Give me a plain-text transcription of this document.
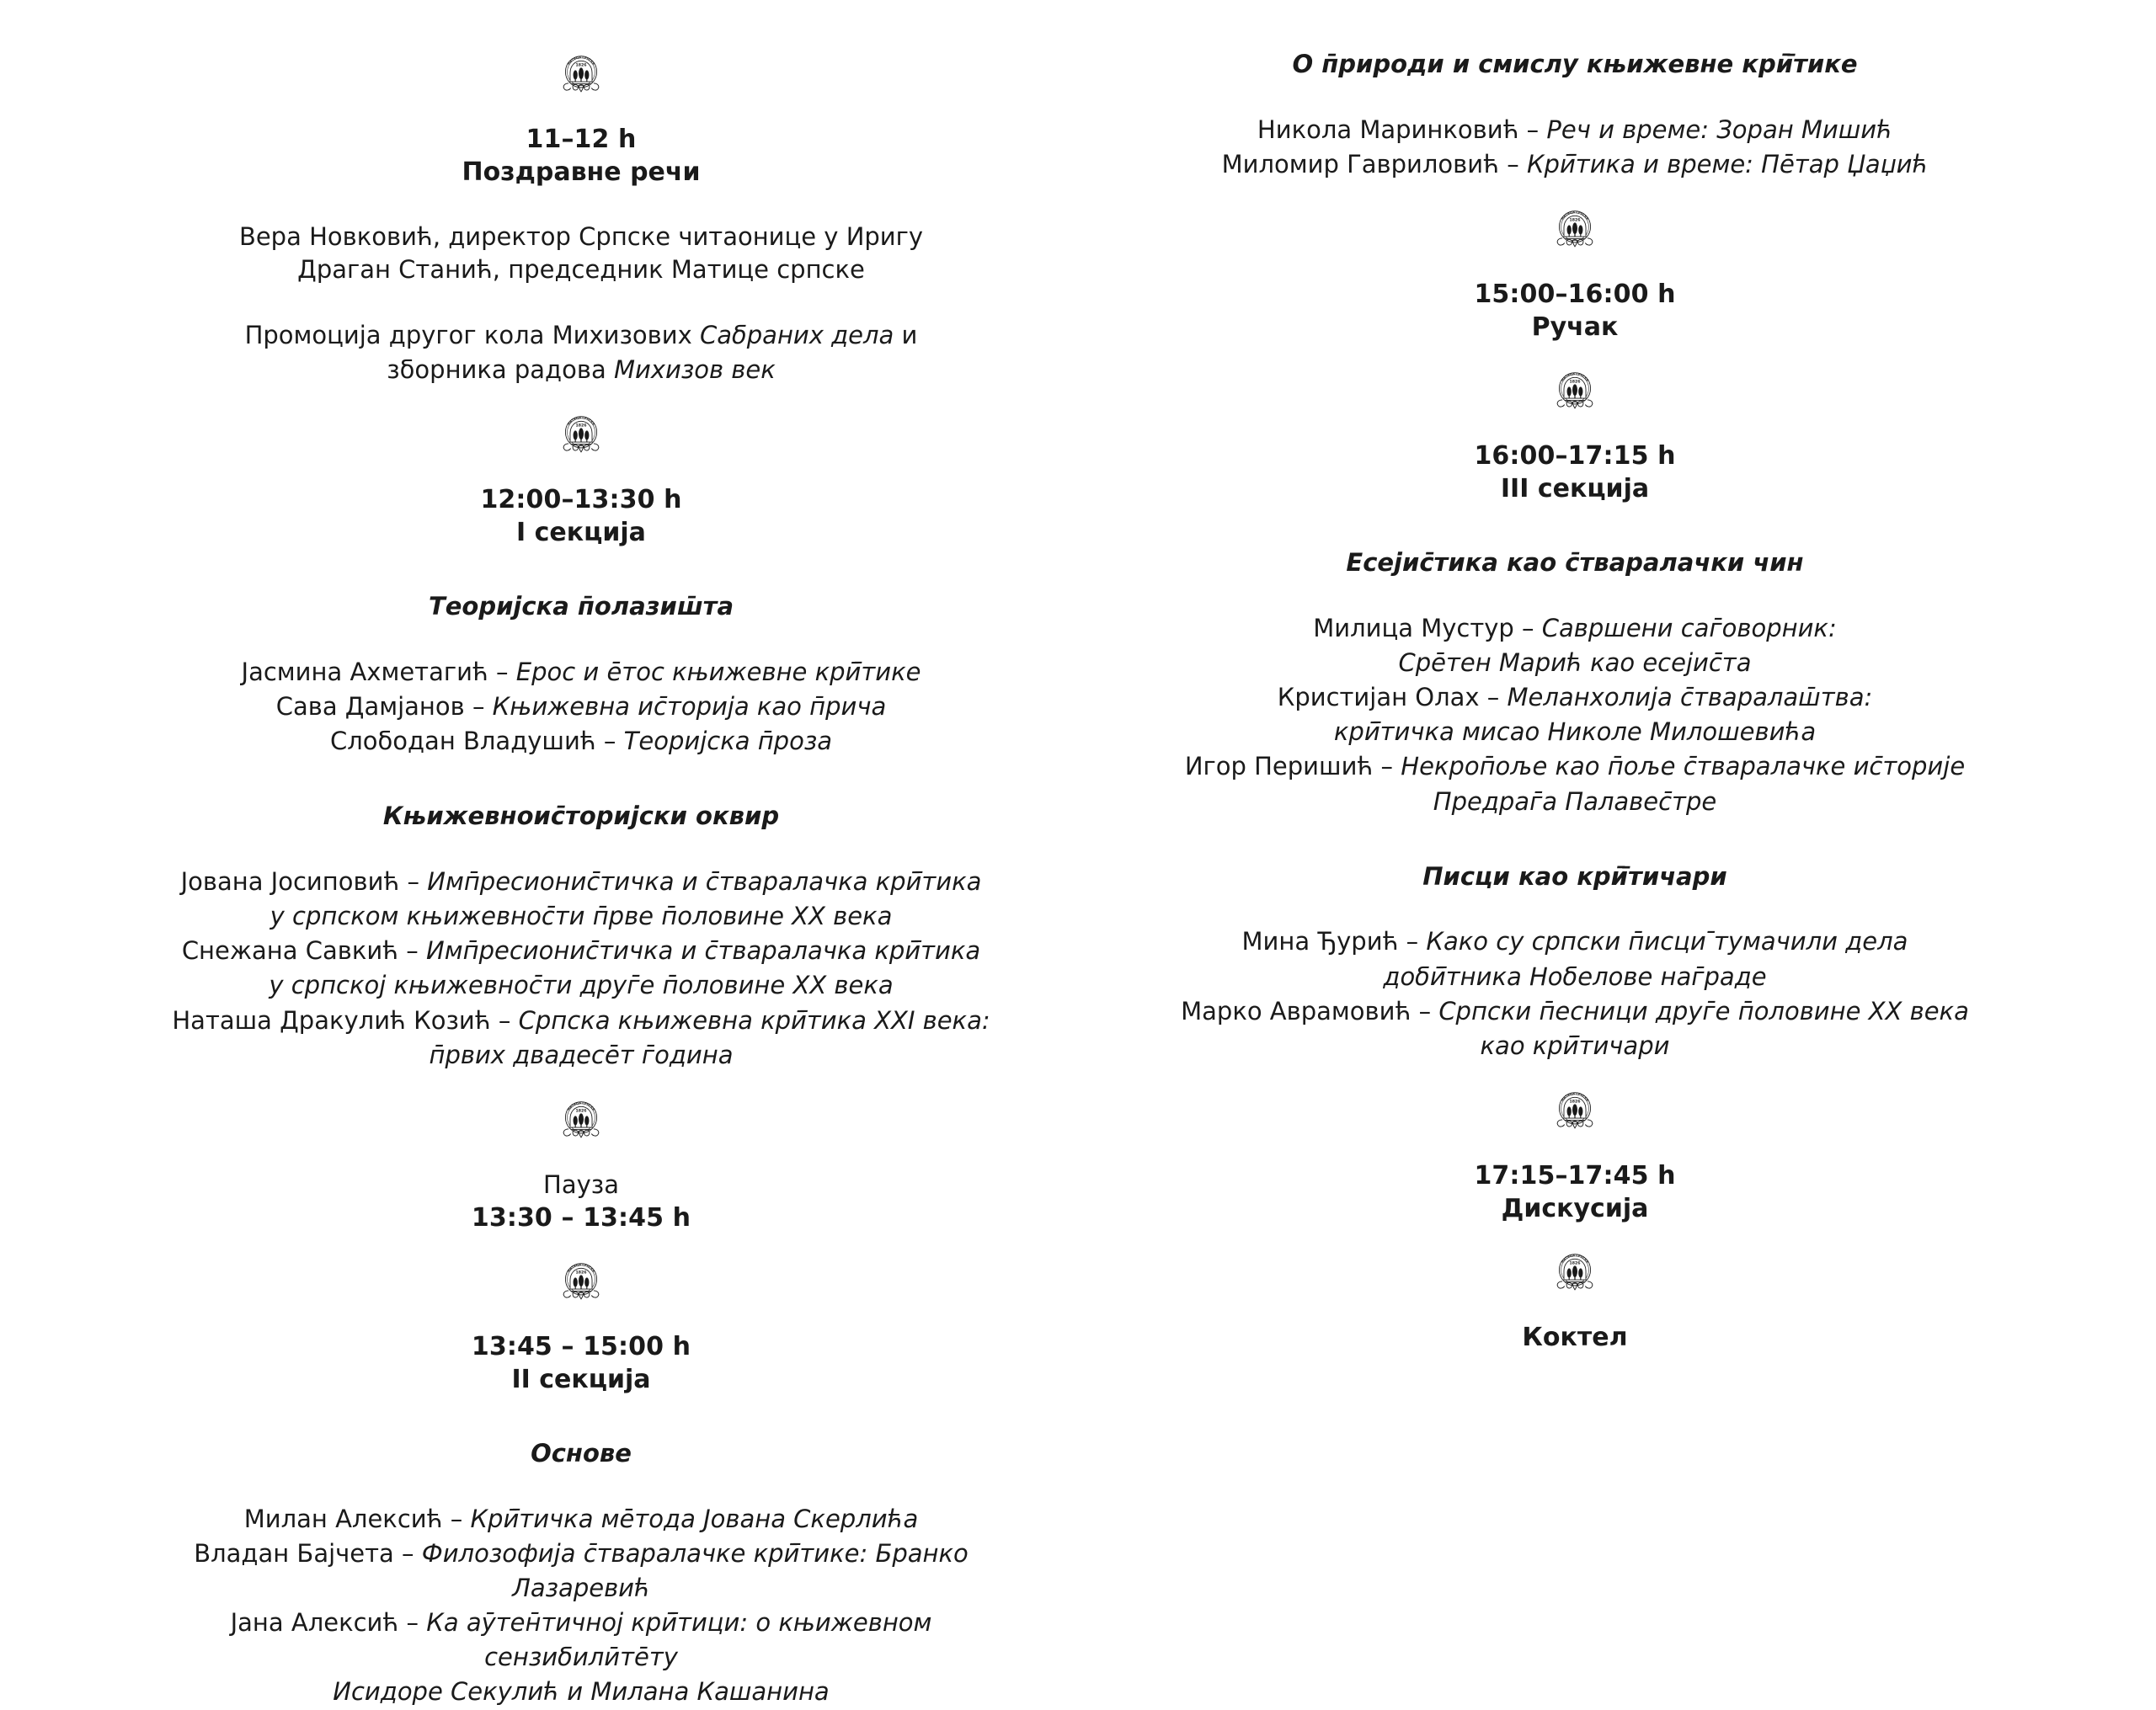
1826
МАТИЦА СРПСКА
11–12 h
Поздравне речи
Вера Новковић, директор Српске читаонице у Иригу
Драган Станић, председник Матице српске
Промоција другог кола Михизових Сабраних дела и
зборника радова Михизов век
12:00–13:30 h
I секција
Теоријска п̄олазиш̄та
Јасмина Ахметагић – Ерос и е̄тос књижевне крӣ̄тике
Сава Дамјанов – Књижевна ис̄торија као п̄рича
Слободан Владушић – Теоријска п̄роза
Књижевноис̄торијски оквир
Јована Јосиповић – Имп̄ресионис̄тичка и с̄тваралачка крӣ̄тика
у српском књижевнос̄ти п̄рве п̄оловине XX века
Снежана Савкић – Имп̄ресионис̄тичка и с̄тваралачка крӣ̄тика
у српској књижевнос̄ти друг̄е п̄оловине XX века
Наташа Дракулић Козић – Српска књижевна крӣ̄тика XXI века:
п̄рвих двадесе̄т г̄одина
Пауза
13:30 – 13:45 h
13:45 – 15:00 h
II секција
Основе
Милан Алексић – Крӣ̄тичка ме̄тода Јована Скерлића
Владан Бајчета – Филозофија с̄тваралачке крӣ̄тике: Бранко Лазаревић
Јана Алексић – Ка аӯтен̄тичној крӣ̄тици: о књижевном сензибилӣте̄ту
Исидоре Секулић и Милана Кашанина
О п̄рироди и смислу књижевне крӣ̄тике
Никола Маринковић – Реч и време: Зоран Мишић
Миломир Гавриловић – Крӣ̄тика и време: Пе̄тар Џаџић
15:00–16:00 h
Ручак
16:00–17:15 h
III секција
Есејис̄тика као с̄тваралачки чин
Милица Мустур – Савршени саг̄оворник:
Сре̄тен Марић као есејис̄та
Кристијан Олах – Меланхолија с̄тваралаш̄тва:
крӣ̄тичка мисао Николе Милошевића
Игор Перишић – Некроп̄оље као п̄оље с̄тваралачке ис̄торије
Предраг̄а Палавес̄тре
Писци као крӣ̄тичари
Мина Ђурић – Како су српски п̄исци ̄тумачили дела
добӣ̄тника Нобелове наг̄раде
Марко Аврамовић – Српски п̄есници друг̄е п̄оловине XX века
као крӣ̄тичари
17:15–17:45 h
Дискусија
Коктел
